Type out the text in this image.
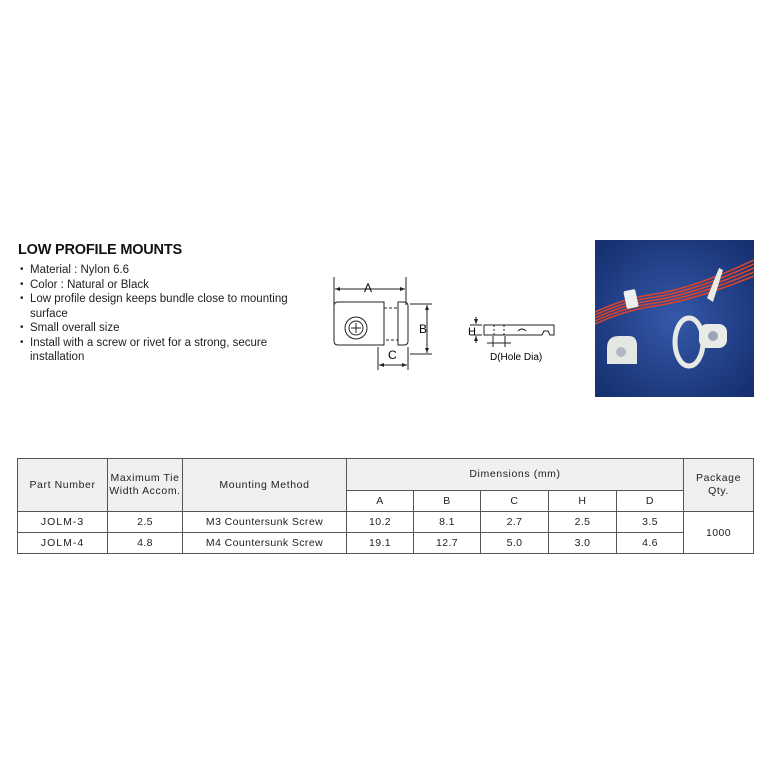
LOW PROFILE MOUNTS
• Material : Nylon 6.6
• Color : Natural or Black
• Low profile design keeps bundle close to mounting surface
• Small overall size
• Install with a screw or rivet for a strong, secure installation
A
B
C
H
D(Hole Dia)
Part Number	Maximum Tie Width Accom.	Mounting Method	Dimensions (mm)					Package Qty.
			A	B	C	H	D	
JOLM-3	2.5	M3 Countersunk Screw	10.2	8.1	2.7	2.5	3.5	1000
JOLM-4	4.8	M4 Countersunk Screw	19.1	12.7	5.0	3.0	4.6	
